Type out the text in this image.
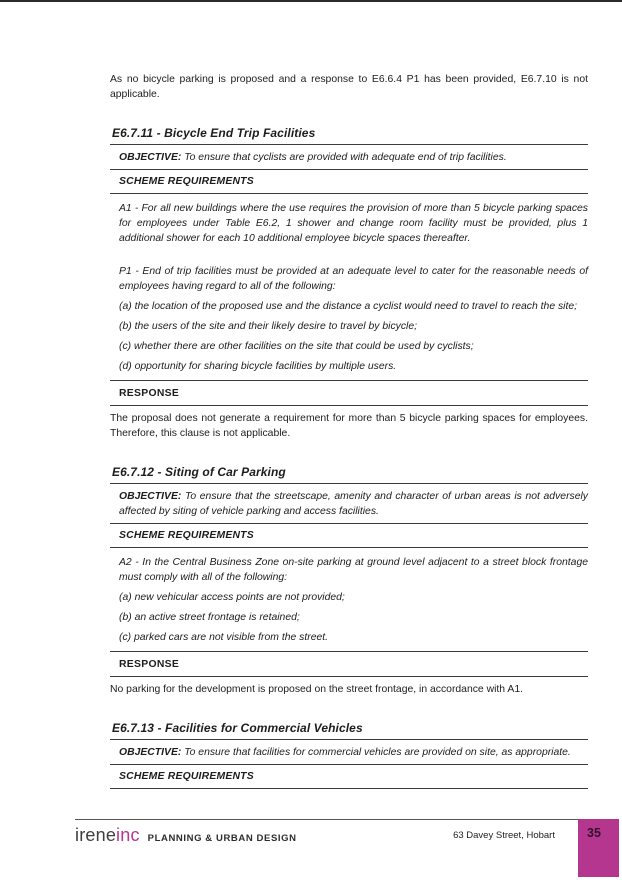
As no bicycle parking is proposed and a response to E6.6.4 P1 has been provided, E6.7.10 is not applicable.

E6.7.11 - Bicycle End Trip Facilities
OBJECTIVE: To ensure that cyclists are provided with adequate end of trip facilities.
SCHEME REQUIREMENTS

A1 - For all new buildings where the use requires the provision of more than 5 bicycle parking spaces for employees under Table E6.2, 1 shower and change room facility must be provided, plus 1 additional shower for each 10 additional employee bicycle spaces thereafter.

P1 - End of trip facilities must be provided at an adequate level to cater for the reasonable needs of employees having regard to all of the following:

(a) the location of the proposed use and the distance a cyclist would need to travel to reach the site;

(b) the users of the site and their likely desire to travel by bicycle;

(c) whether there are other facilities on the site that could be used by cyclists;

(d) opportunity for sharing bicycle facilities by multiple users.

RESPONSE

The proposal does not generate a requirement for more than 5 bicycle parking spaces for employees. Therefore, this clause is not applicable.

E6.7.12 - Siting of Car Parking
OBJECTIVE: To ensure that the streetscape, amenity and character of urban areas is not adversely affected by siting of vehicle parking and access facilities.
SCHEME REQUIREMENTS

A2 - In the Central Business Zone on-site parking at ground level adjacent to a street block frontage must comply with all of the following:

(a) new vehicular access points are not provided;

(b) an active street frontage is retained;

(c) parked cars are not visible from the street.

RESPONSE

No parking for the development is proposed on the street frontage, in accordance with A1.

E6.7.13 - Facilities for Commercial Vehicles
OBJECTIVE: To ensure that facilities for commercial vehicles are provided on site, as appropriate.
SCHEME REQUIREMENTS
ireneinc PLANNING & URBAN DESIGN	63 Davey Street, Hobart	35
